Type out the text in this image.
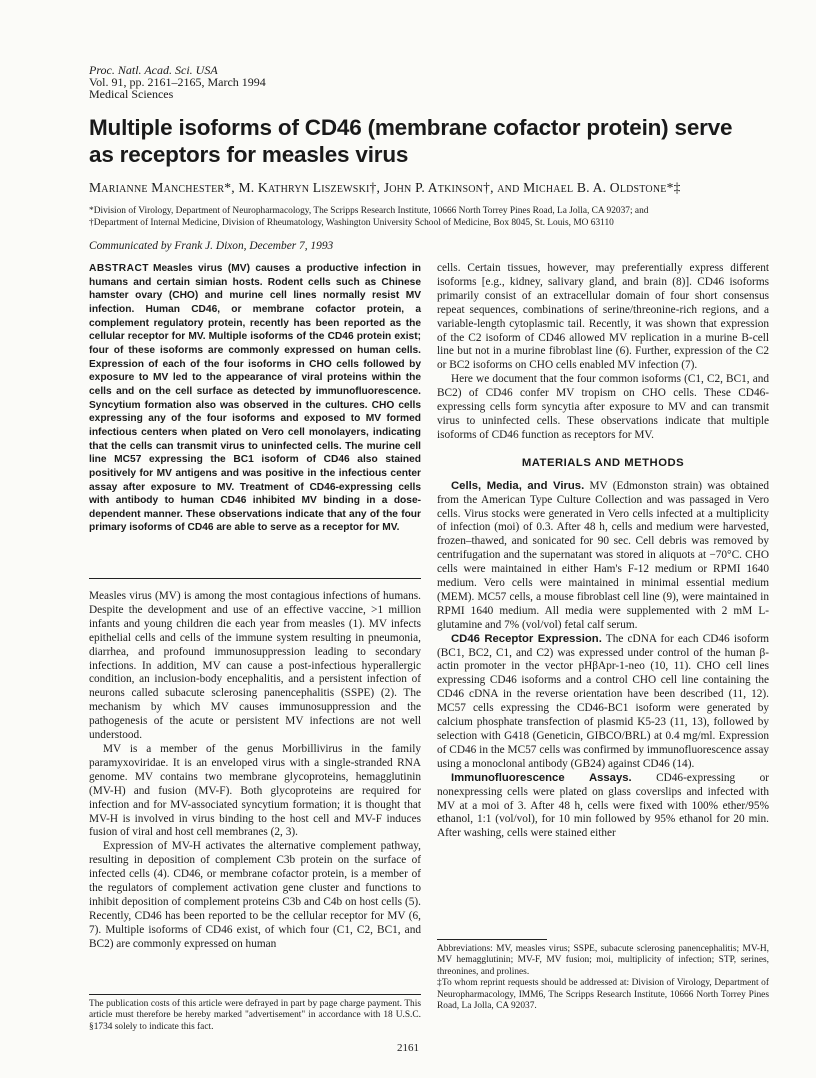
Proc. Natl. Acad. Sci. USA
Vol. 91, pp. 2161–2165, March 1994
Medical Sciences
Multiple isoforms of CD46 (membrane cofactor protein) serve as receptors for measles virus
Marianne Manchester*, M. Kathryn Liszewski†, John P. Atkinson†, and Michael B. A. Oldstone*‡
*Division of Virology, Department of Neuropharmacology, The Scripps Research Institute, 10666 North Torrey Pines Road, La Jolla, CA 92037; and
†Department of Internal Medicine, Division of Rheumatology, Washington University School of Medicine, Box 8045, St. Louis, MO 63110
Communicated by Frank J. Dixon, December 7, 1993
ABSTRACT Measles virus (MV) causes a productive infection in humans and certain simian hosts. Rodent cells such as Chinese hamster ovary (CHO) and murine cell lines normally resist MV infection. Human CD46, or membrane cofactor protein, a complement regulatory protein, recently has been reported as the cellular receptor for MV. Multiple isoforms of the CD46 protein exist; four of these isoforms are commonly expressed on human cells. Expression of each of the four isoforms in CHO cells followed by exposure to MV led to the appearance of viral proteins within the cells and on the cell surface as detected by immunofluorescence. Syncytium formation also was observed in the cultures. CHO cells expressing any of the four isoforms and exposed to MV formed infectious centers when plated on Vero cell monolayers, indicating that the cells can transmit virus to uninfected cells. The murine cell line MC57 expressing the BC1 isoform of CD46 also stained positively for MV antigens and was positive in the infectious center assay after exposure to MV. Treatment of CD46-expressing cells with antibody to human CD46 inhibited MV binding in a dose-dependent manner. These observations indicate that any of the four primary isoforms of CD46 are able to serve as a receptor for MV.

Measles virus (MV) is among the most contagious infections of humans. Despite the development and use of an effective vaccine, >1 million infants and young children die each year from measles (1). MV infects epithelial cells and cells of the immune system resulting in pneumonia, diarrhea, and profound immunosuppression leading to secondary infections. In addition, MV can cause a post-infectious hyperallergic condition, an inclusion-body encephalitis, and a persistent infection of neurons called subacute sclerosing panencephalitis (SSPE) (2). The mechanism by which MV causes immunosuppression and the pathogenesis of the acute or persistent MV infections are not well understood.

MV is a member of the genus Morbillivirus in the family paramyxoviridae. It is an enveloped virus with a single-stranded RNA genome. MV contains two membrane glycoproteins, hemagglutinin (MV-H) and fusion (MV-F). Both glycoproteins are required for infection and for MV-associated syncytium formation; it is thought that MV-H is involved in virus binding to the host cell and MV-F induces fusion of viral and host cell membranes (2, 3).

Expression of MV-H activates the alternative complement pathway, resulting in deposition of complement C3b protein on the surface of infected cells (4). CD46, or membrane cofactor protein, is a member of the regulators of complement activation gene cluster and functions to inhibit deposition of complement proteins C3b and C4b on host cells (5). Recently, CD46 has been reported to be the cellular receptor for MV (6, 7). Multiple isoforms of CD46 exist, of which four (C1, C2, BC1, and BC2) are commonly expressed on human

cells. Certain tissues, however, may preferentially express different isoforms [e.g., kidney, salivary gland, and brain (8)]. CD46 isoforms primarily consist of an extracellular domain of four short consensus repeat sequences, combinations of serine/threonine-rich regions, and a variable-length cytoplasmic tail. Recently, it was shown that expression of the C2 isoform of CD46 allowed MV replication in a murine B-cell line but not in a murine fibroblast line (6). Further, expression of the C2 or BC2 isoforms on CHO cells enabled MV infection (7).

Here we document that the four common isoforms (C1, C2, BC1, and BC2) of CD46 confer MV tropism on CHO cells. These CD46-expressing cells form syncytia after exposure to MV and can transmit virus to uninfected cells. These observations indicate that multiple isoforms of CD46 function as receptors for MV.

MATERIALS AND METHODS

Cells, Media, and Virus. MV (Edmonston strain) was obtained from the American Type Culture Collection and was passaged in Vero cells. Virus stocks were generated in Vero cells infected at a multiplicity of infection (moi) of 0.3. After 48 h, cells and medium were harvested, frozen–thawed, and sonicated for 90 sec. Cell debris was removed by centrifugation and the supernatant was stored in aliquots at −70°C. CHO cells were maintained in either Ham's F-12 medium or RPMI 1640 medium. Vero cells were maintained in minimal essential medium (MEM). MC57 cells, a mouse fibroblast cell line (9), were maintained in RPMI 1640 medium. All media were supplemented with 2 mM L-glutamine and 7% (vol/vol) fetal calf serum.

CD46 Receptor Expression. The cDNA for each CD46 isoform (BC1, BC2, C1, and C2) was expressed under control of the human β-actin promoter in the vector pHβApr-1-neo (10, 11). CHO cell lines expressing CD46 isoforms and a control CHO cell line containing the CD46 cDNA in the reverse orientation have been described (11, 12). MC57 cells expressing the CD46-BC1 isoform were generated by calcium phosphate transfection of plasmid K5-23 (11, 13), followed by selection with G418 (Geneticin, GIBCO/BRL) at 0.4 mg/ml. Expression of CD46 in the MC57 cells was confirmed by immunofluorescence assay using a monoclonal antibody (GB24) against CD46 (14).

Immunofluorescence Assays. CD46-expressing or nonexpressing cells were plated on glass coverslips and infected with MV at a moi of 3. After 48 h, cells were fixed with 100% ether/95% ethanol, 1:1 (vol/vol), for 10 min followed by 95% ethanol for 20 min. After washing, cells were stained either

Abbreviations: MV, measles virus; SSPE, subacute sclerosing panencephalitis; MV-H, MV hemagglutinin; MV-F, MV fusion; moi, multiplicity of infection; STP, serines, threonines, and prolines.

‡To whom reprint requests should be addressed at: Division of Virology, Department of Neuropharmacology, IMM6, The Scripps Research Institute, 10666 North Torrey Pines Road, La Jolla, CA 92037.

The publication costs of this article were defrayed in part by page charge payment. This article must therefore be hereby marked "advertisement" in accordance with 18 U.S.C. §1734 solely to indicate this fact.

2161
